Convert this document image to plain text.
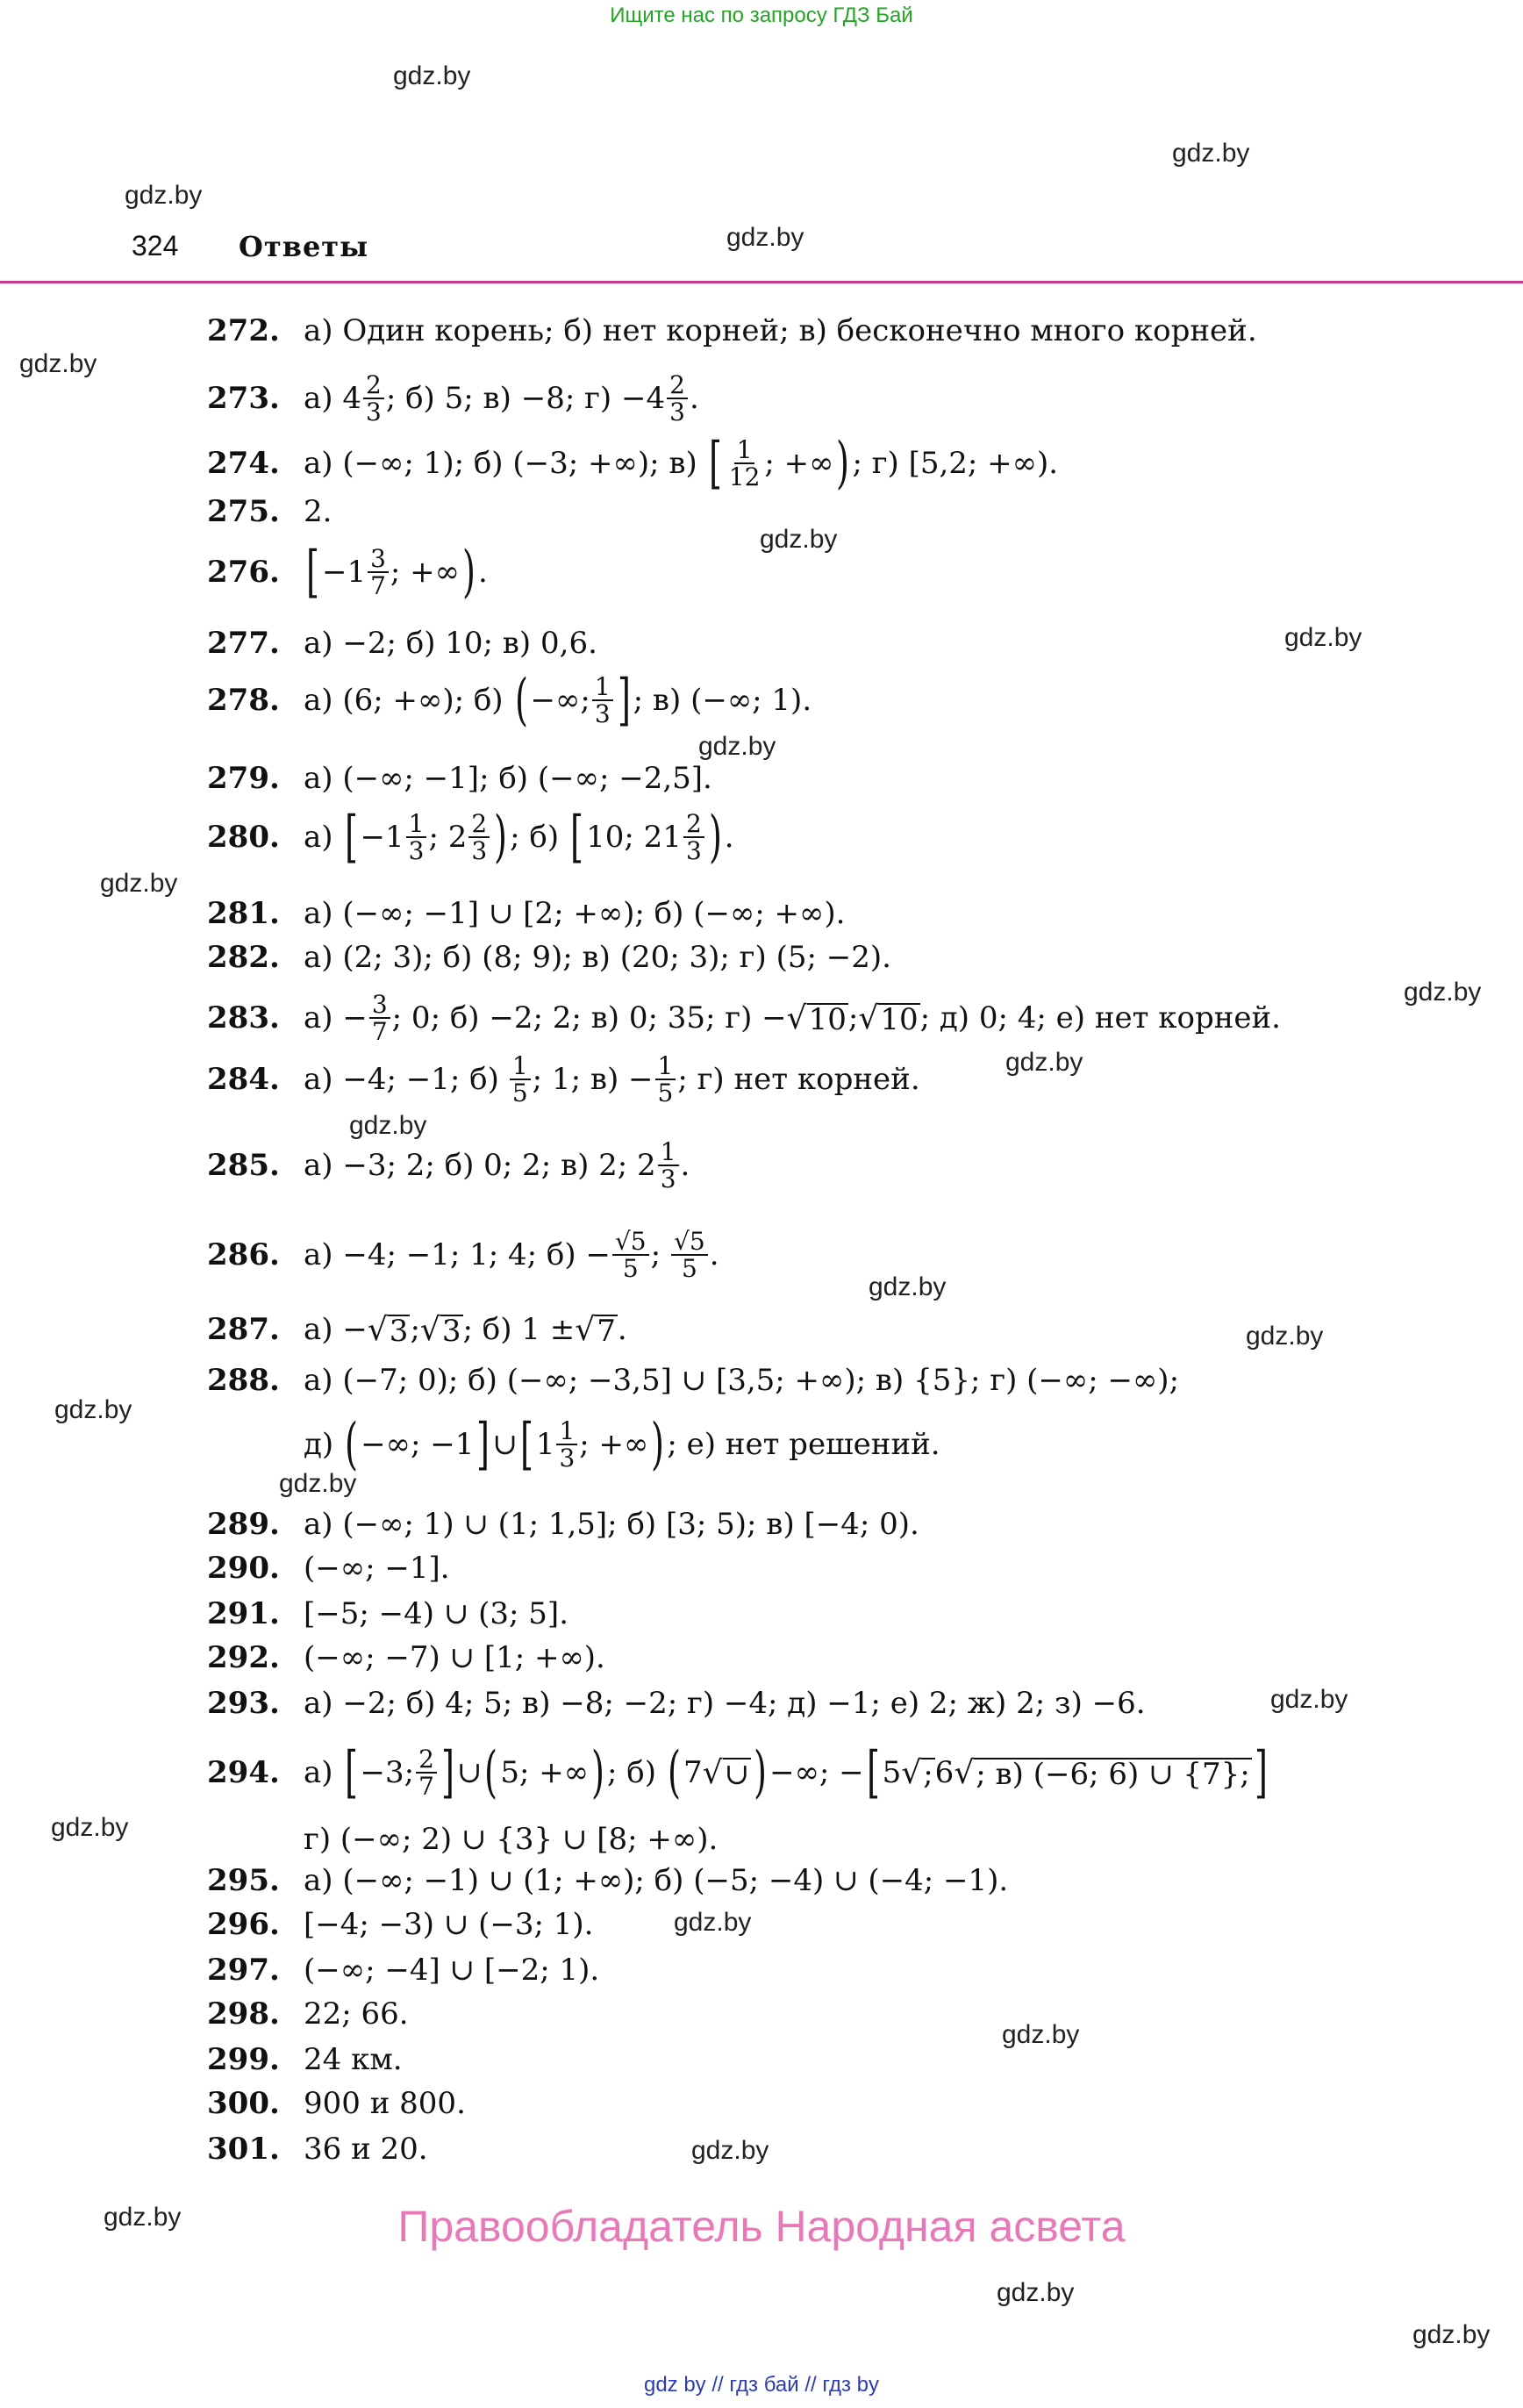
Ищите нас по запросу ГДЗ Бай
gdz.by
gdz.by
gdz.by
gdz.by
gdz.by
gdz.by
gdz.by
gdz.by
gdz.by
gdz.by
gdz.by
gdz.by
gdz.by
gdz.by
gdz.by
gdz.by
gdz.by
gdz.by
gdz.by
gdz.by
gdz.by
gdz.by
gdz.by
gdz.by
324 Ответы
272. а) Один корень; б) нет корней; в) бесконечно много корней.
273. а) $4 \frac{2}{3}$ ; б) 5; в) −8; $г) -4 \frac{2}{3}$ .
274. а) (−∞; 1); б) (−3; +∞); в) [ $\frac{1}{12}$ ; +∞ ) ; г) [5,2; +∞).
275. 2.
276. [ $-1 \frac{3}{7}$ ; +∞ ) .
277. а) −2; б) 10; в) 0,6.
278. а) (6; +∞); б) ( −∞; $\frac{1}{3}$ ] ; в) (−∞; 1).
279. а) (−∞; −1]; б) (−∞; −2,5].
280. а) [ $-1 \frac{1}{3}$ ; $2 \frac{2}{3}$ ) ; б) [ 10; $21 \frac{2}{3}$ ) .
281. а) (−∞; −1] ∪ [2; +∞); б) (−∞; +∞).
282. а) (2; 3); б) (8; 9); в) (20; 3); г) (5; −2).
283. $а) - \frac{3}{7}$ ; 0; б) −2; 2; в) 0; 35; г) − √ 10 ; √ 10 ; д) 0; 4; е) нет корней.
284. а) −4; −1; $б) \frac{1}{5}$ ; 1; $в) - \frac{1}{5}$ ; г) нет корней.
285. а) −3; 2; б) 0; 2; в) 2; $2 \frac{1}{3}$ .
286. а) −4; −1; 1; 4; $б) - \frac{√5}{5}$ ; $\frac{√5}{5}$ .
287. а) − √ 3 ; √ 3 ; б) 1 ± √ 7 .
288. а) (−7; 0); б) (−∞; −3,5] ∪ [3,5; +∞); в) {5}; г) (−∞; −∞);
д) ( −∞; −1 ] ∪ [ $1 \frac{1}{3}$ ; +∞ ) ; е) нет решений.
289. а) (−∞; 1) ∪ (1; 1,5]; б) [3; 5); в) [−4; 0).
290. (−∞; −1].
291. [−5; −4) ∪ (3; 5].
292. (−∞; −7) ∪ [1; +∞).
293. а) −2; б) 4; 5; в) −8; −2; г) −4; д) −1; е) 2; ж) 2; з) −6.
294. а) [ −3; $\frac{2}{7}$ ] ∪ ( 5; +∞ ) ; б) ( 7 √ ∪ ) −∞; − [ 5 √ ; 6 √ ; в) (−6; 6) ∪ {7}; ]
г) (−∞; 2) ∪ {3} ∪ [8; +∞).
295. а) (−∞; −1) ∪ (1; +∞); б) (−5; −4) ∪ (−4; −1).
296. [−4; −3) ∪ (−3; 1).
297. (−∞; −4] ∪ [−2; 1).
298. 22; 66.
299. 24 км.
300. 900 и 800.
301. 36 и 20.
Правообладатель Народная асвета
gdz by // гдз бай // гдз by
